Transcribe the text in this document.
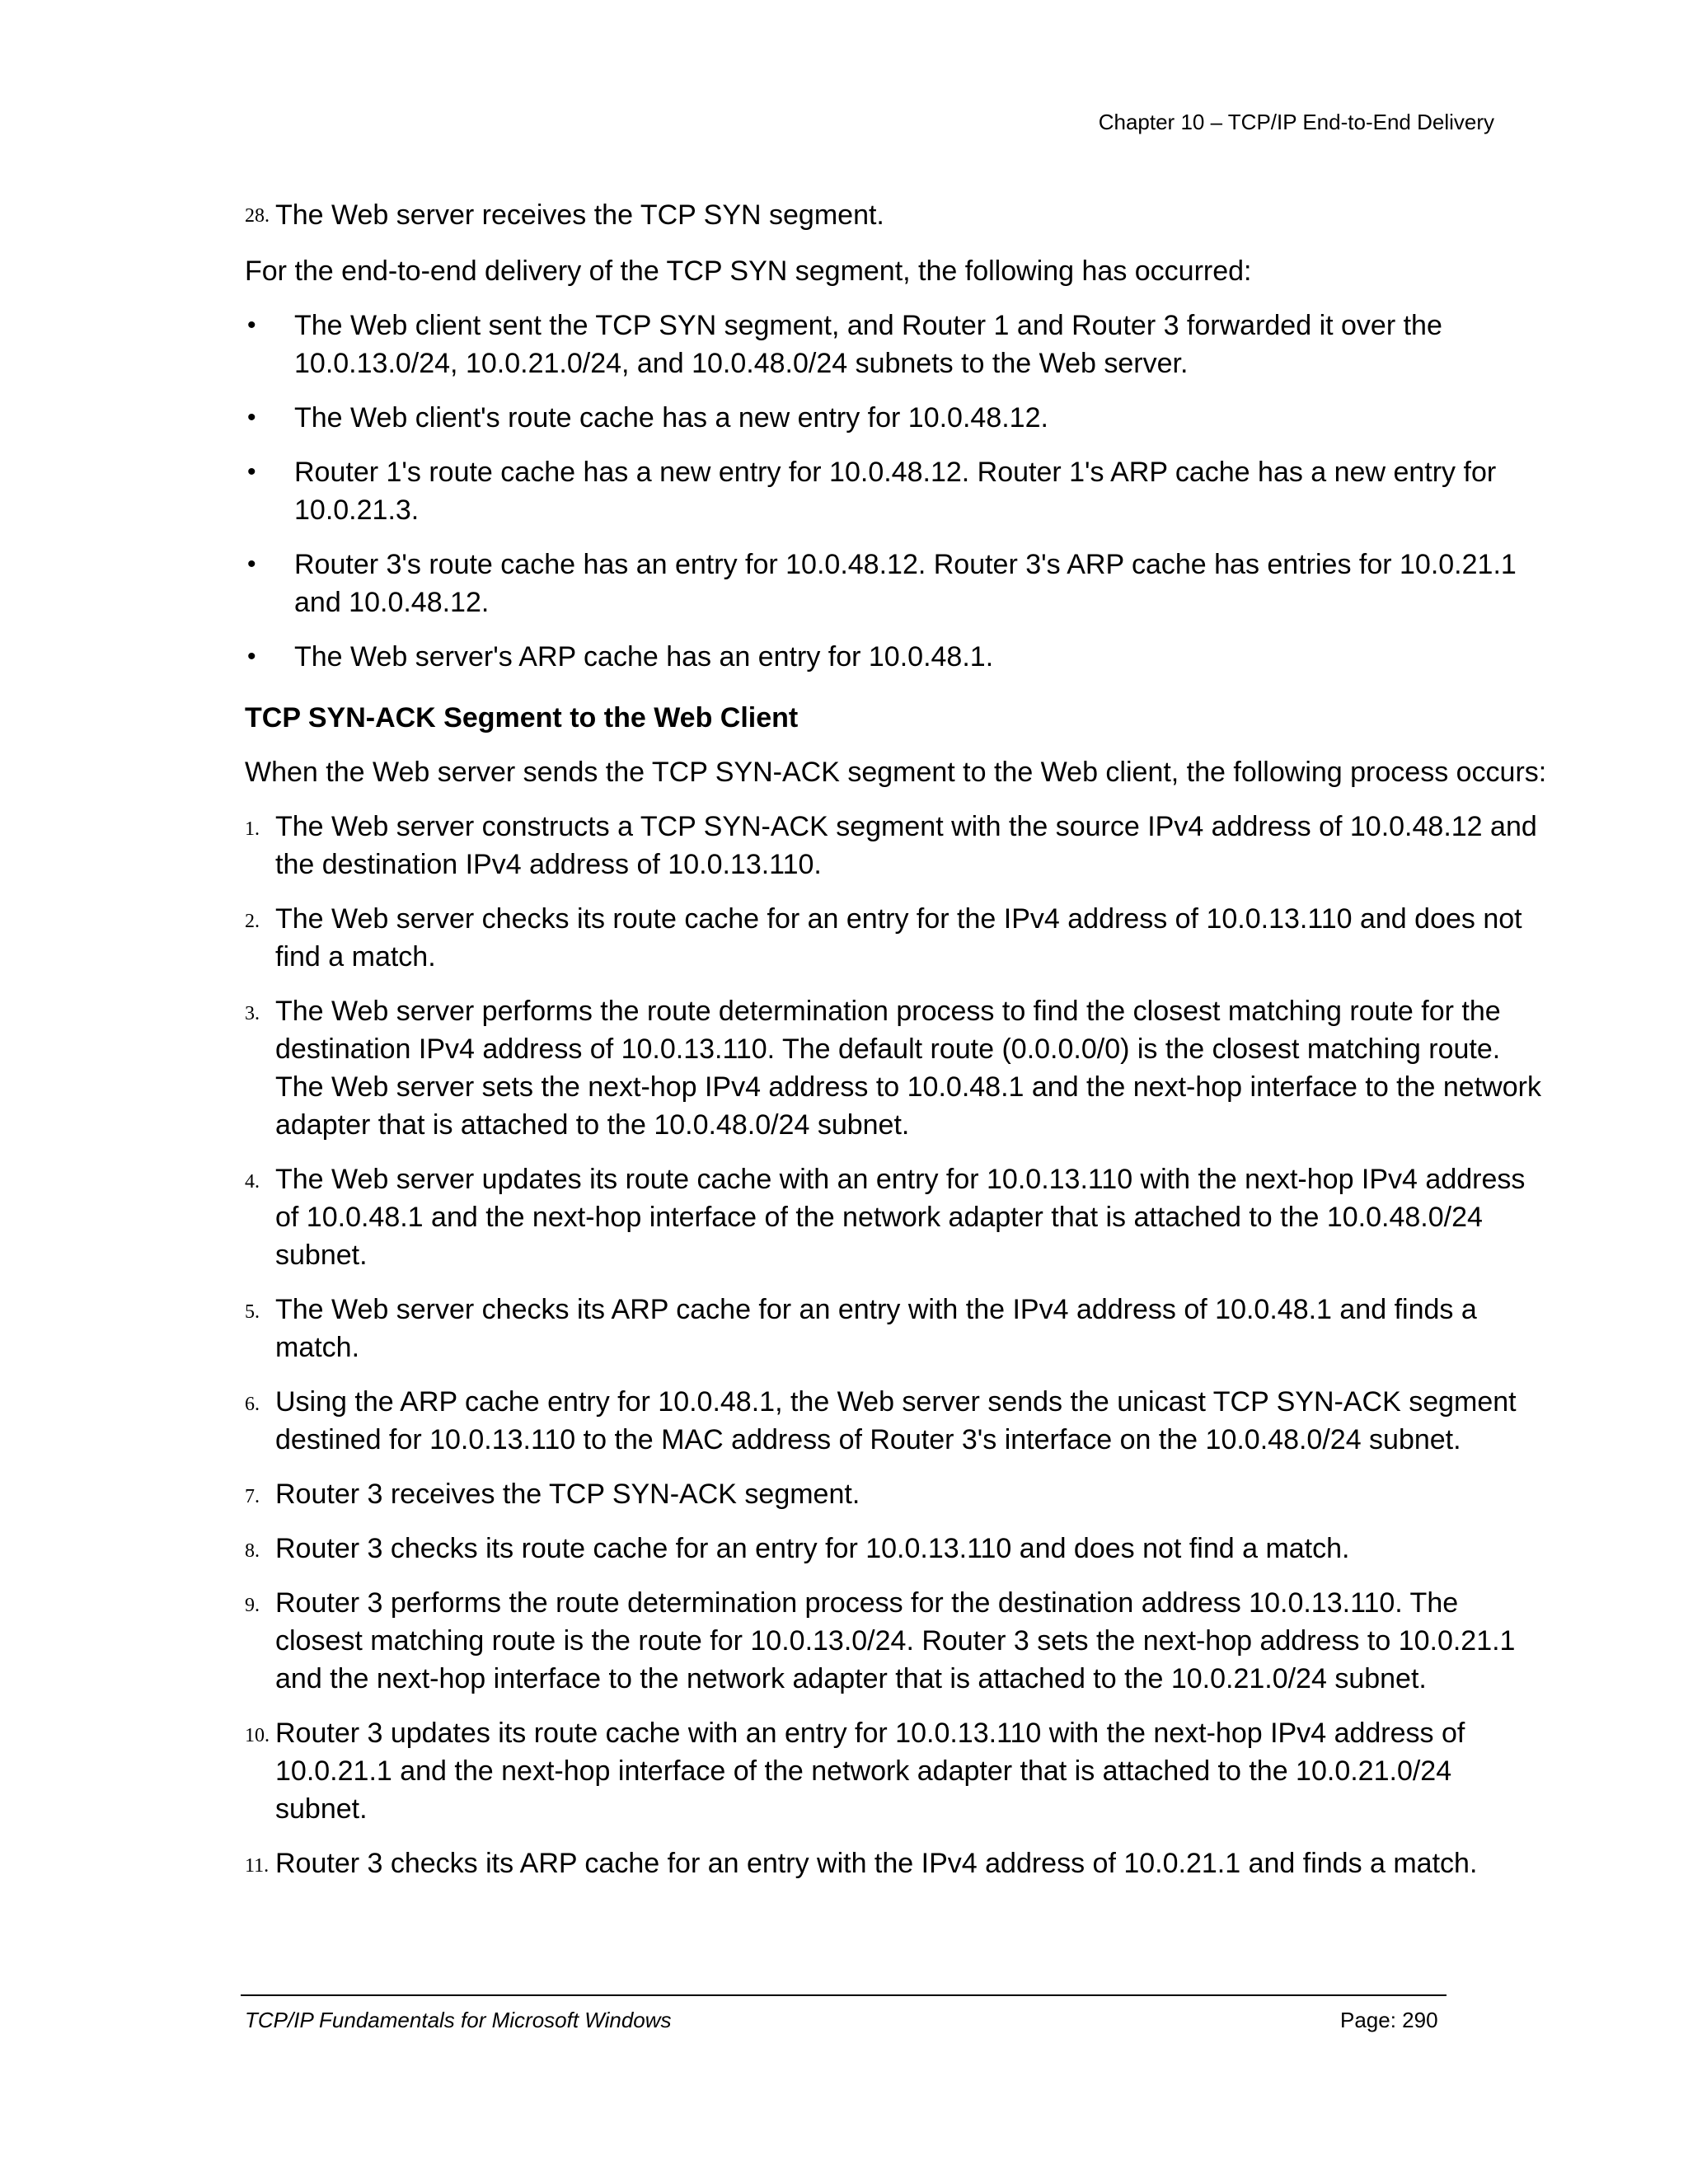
Chapter 10 – TCP/IP End-to-End Delivery

28. The Web server receives the TCP SYN segment.

For the end-to-end delivery of the TCP SYN segment, the following has occurred:

• The Web client sent the TCP SYN segment, and Router 1 and Router 3 forwarded it over the 10.0.13.0/24, 10.0.21.0/24, and 10.0.48.0/24 subnets to the Web server.
• The Web client's route cache has a new entry for 10.0.48.12.
• Router 1's route cache has a new entry for 10.0.48.12. Router 1's ARP cache has a new entry for 10.0.21.3.
• Router 3's route cache has an entry for 10.0.48.12. Router 3's ARP cache has entries for 10.0.21.1 and 10.0.48.12.
• The Web server's ARP cache has an entry for 10.0.48.1.

TCP SYN-ACK Segment to the Web Client

When the Web server sends the TCP SYN-ACK segment to the Web client, the following process occurs:

1. The Web server constructs a TCP SYN-ACK segment with the source IPv4 address of 10.0.48.12 and the destination IPv4 address of 10.0.13.110.
2. The Web server checks its route cache for an entry for the IPv4 address of 10.0.13.110 and does not find a match.
3. The Web server performs the route determination process to find the closest matching route for the destination IPv4 address of 10.0.13.110. The default route (0.0.0.0/0) is the closest matching route. The Web server sets the next-hop IPv4 address to 10.0.48.1 and the next-hop interface to the network adapter that is attached to the 10.0.48.0/24 subnet.
4. The Web server updates its route cache with an entry for 10.0.13.110 with the next-hop IPv4 address of 10.0.48.1 and the next-hop interface of the network adapter that is attached to the 10.0.48.0/24 subnet.
5. The Web server checks its ARP cache for an entry with the IPv4 address of 10.0.48.1 and finds a match.
6. Using the ARP cache entry for 10.0.48.1, the Web server sends the unicast TCP SYN-ACK segment destined for 10.0.13.110 to the MAC address of Router 3's interface on the 10.0.48.0/24 subnet.
7. Router 3 receives the TCP SYN-ACK segment.
8. Router 3 checks its route cache for an entry for 10.0.13.110 and does not find a match.
9. Router 3 performs the route determination process for the destination address 10.0.13.110. The closest matching route is the route for 10.0.13.0/24. Router 3 sets the next-hop address to 10.0.21.1 and the next-hop interface to the network adapter that is attached to the 10.0.21.0/24 subnet.
10. Router 3 updates its route cache with an entry for 10.0.13.110 with the next-hop IPv4 address of 10.0.21.1 and the next-hop interface of the network adapter that is attached to the 10.0.21.0/24 subnet.
11. Router 3 checks its ARP cache for an entry with the IPv4 address of 10.0.21.1 and finds a match.
TCP/IP Fundamentals for Microsoft Windows	Page: 290
